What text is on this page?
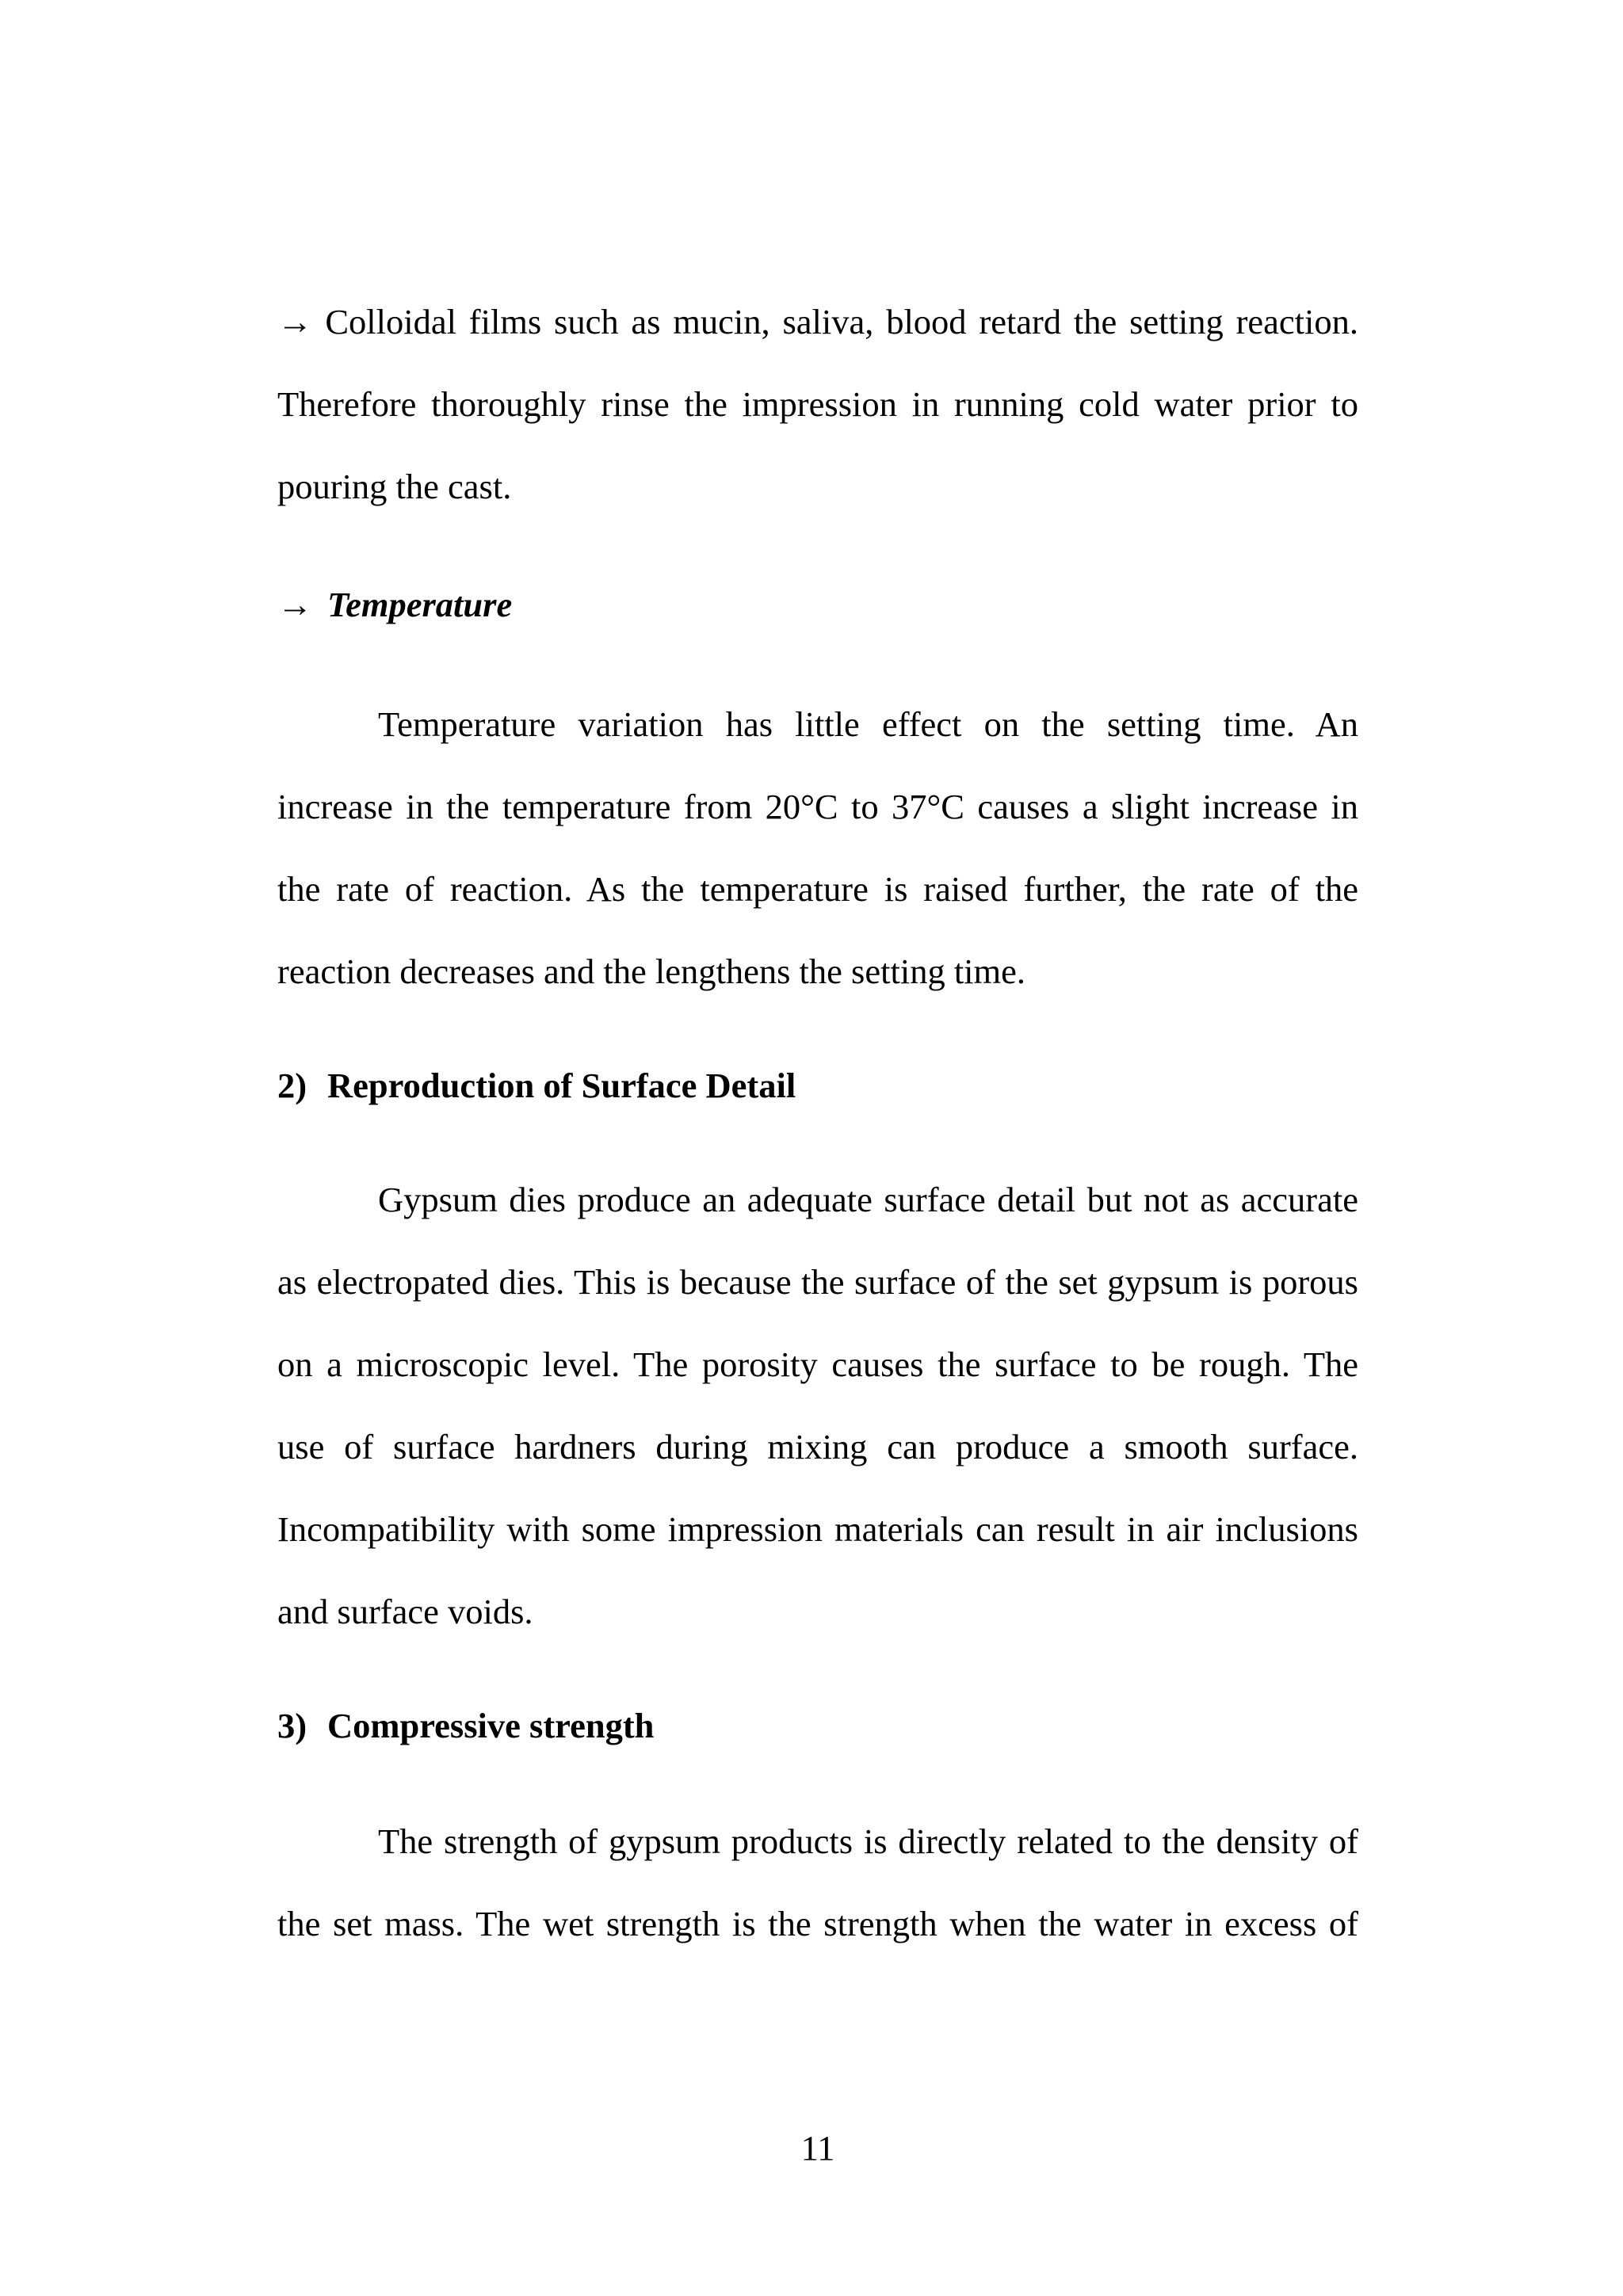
→ Colloidal films such as mucin, saliva, blood retard the setting reaction.
Therefore thoroughly rinse the impression in running cold water prior to
pouring the cast.
→ Temperature
Temperature variation has little effect on the setting time. An
increase in the temperature from 20°C to 37°C causes a slight increase in
the rate of reaction. As the temperature is raised further, the rate of the
reaction decreases and the lengthens the setting time.
2) Reproduction of Surface Detail
Gypsum dies produce an adequate surface detail but not as accurate
as electropated dies. This is because the surface of the set gypsum is porous
on a microscopic level. The porosity causes the surface to be rough. The
use of surface hardners during mixing can produce a smooth surface.
Incompatibility with some impression materials can result in air inclusions
and surface voids.
3) Compressive strength
The strength of gypsum products is directly related to the density of
the set mass. The wet strength is the strength when the water in excess of
11
